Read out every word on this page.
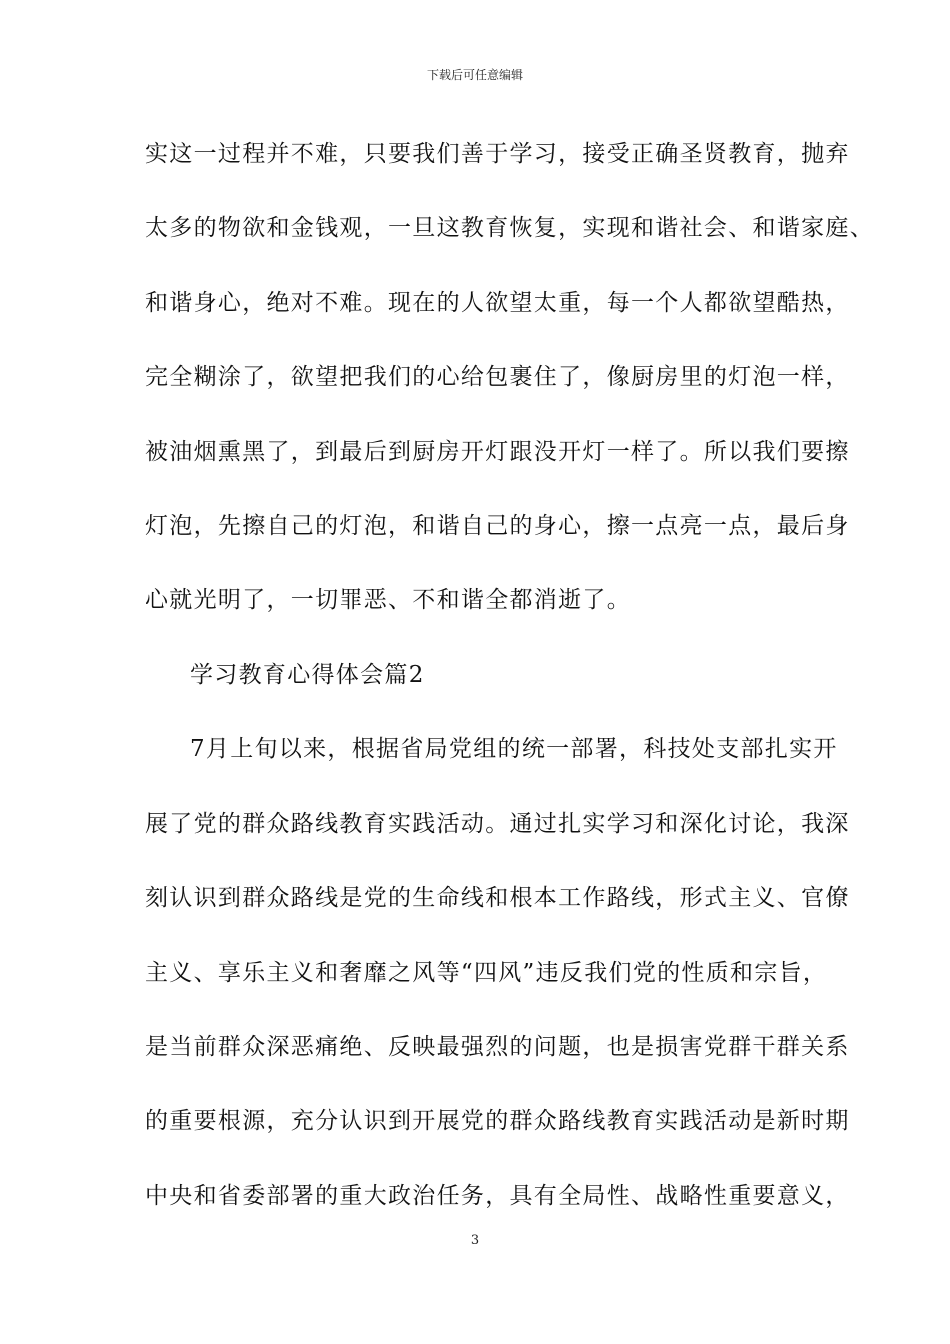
下载后可任意编辑
实这一过程并不难，只要我们善于学习，接受正确圣贤教育，抛弃
太多的物欲和金钱观，一旦这教育恢复，实现和谐社会、和谐家庭、
和谐身心，绝对不难。现在的人欲望太重，每一个人都欲望酷热，
完全糊涂了，欲望把我们的心给包裹住了，像厨房里的灯泡一样，
被油烟熏黑了，到最后到厨房开灯跟没开灯一样了。所以我们要擦
灯泡，先擦自己的灯泡，和谐自己的身心，擦一点亮一点，最后身
心就光明了，一切罪恶、不和谐全都消逝了。
学习教育心得体会篇2
7月上旬以来，根据省局党组的统一部署，科技处支部扎实开
展了党的群众路线教育实践活动。通过扎实学习和深化讨论，我深
刻认识到群众路线是党的生命线和根本工作路线，形式主义、官僚
主义、享乐主义和奢靡之风等“四风”违反我们党的性质和宗旨，
是当前群众深恶痛绝、反映最强烈的问题，也是损害党群干群关系
的重要根源，充分认识到开展党的群众路线教育实践活动是新时期
中央和省委部署的重大政治任务，具有全局性、战略性重要意义，
3
